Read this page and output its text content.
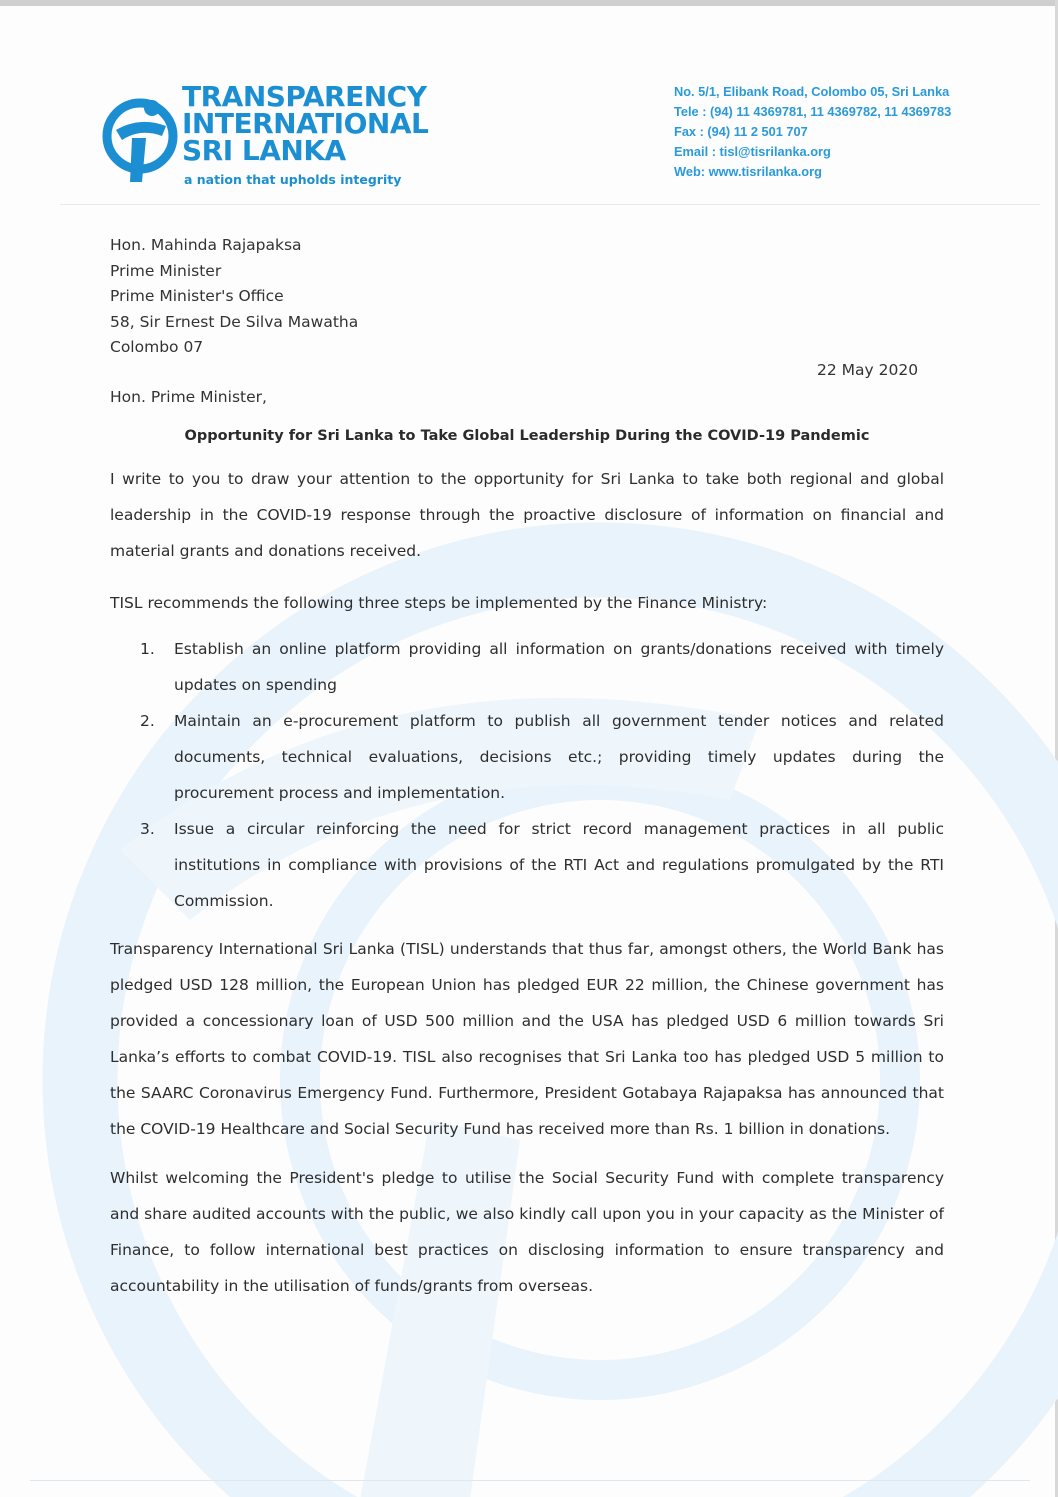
TRANSPARENCY
INTERNATIONAL
SRI LANKA
a nation that upholds integrity
No. 5/1, Elibank Road, Colombo 05, Sri Lanka
Tele : (94) 11 4369781, 11 4369782, 11 4369783
Fax : (94) 11 2 501 707
Email : tisl@tisrilanka.org
Web: www.tisrilanka.org
Hon. Mahinda Rajapaksa
Prime Minister
Prime Minister's Office
58, Sir Ernest De Silva Mawatha
Colombo 07
22 May 2020
Hon. Prime Minister,
Opportunity for Sri Lanka to Take Global Leadership During the COVID-19 Pandemic
I write to you to draw your attention to the opportunity for Sri Lanka to take both regional and global leadership in the COVID-19 response through the proactive disclosure of information on financial and material grants and donations received.
TISL recommends the following three steps be implemented by the Finance Ministry:
1. Establish an online platform providing all information on grants/donations received with timely updates on spending
2. Maintain an e-procurement platform to publish all government tender notices and related documents, technical evaluations, decisions etc.; providing timely updates during the procurement process and implementation.
3. Issue a circular reinforcing the need for strict record management practices in all public institutions in compliance with provisions of the RTI Act and regulations promulgated by the RTI Commission.
Transparency International Sri Lanka (TISL) understands that thus far, amongst others, the World Bank has pledged USD 128 million, the European Union has pledged EUR 22 million, the Chinese government has provided a concessionary loan of USD 500 million and the USA has pledged USD 6 million towards Sri Lanka’s efforts to combat COVID-19. TISL also recognises that Sri Lanka too has pledged USD 5 million to the SAARC Coronavirus Emergency Fund. Furthermore, President Gotabaya Rajapaksa has announced that the COVID-19 Healthcare and Social Security Fund has received more than Rs. 1 billion in donations.
Whilst welcoming the President's pledge to utilise the Social Security Fund with complete transparency and share audited accounts with the public, we also kindly call upon you in your capacity as the Minister of Finance, to follow international best practices on disclosing information to ensure transparency and accountability in the utilisation of funds/grants from overseas.
